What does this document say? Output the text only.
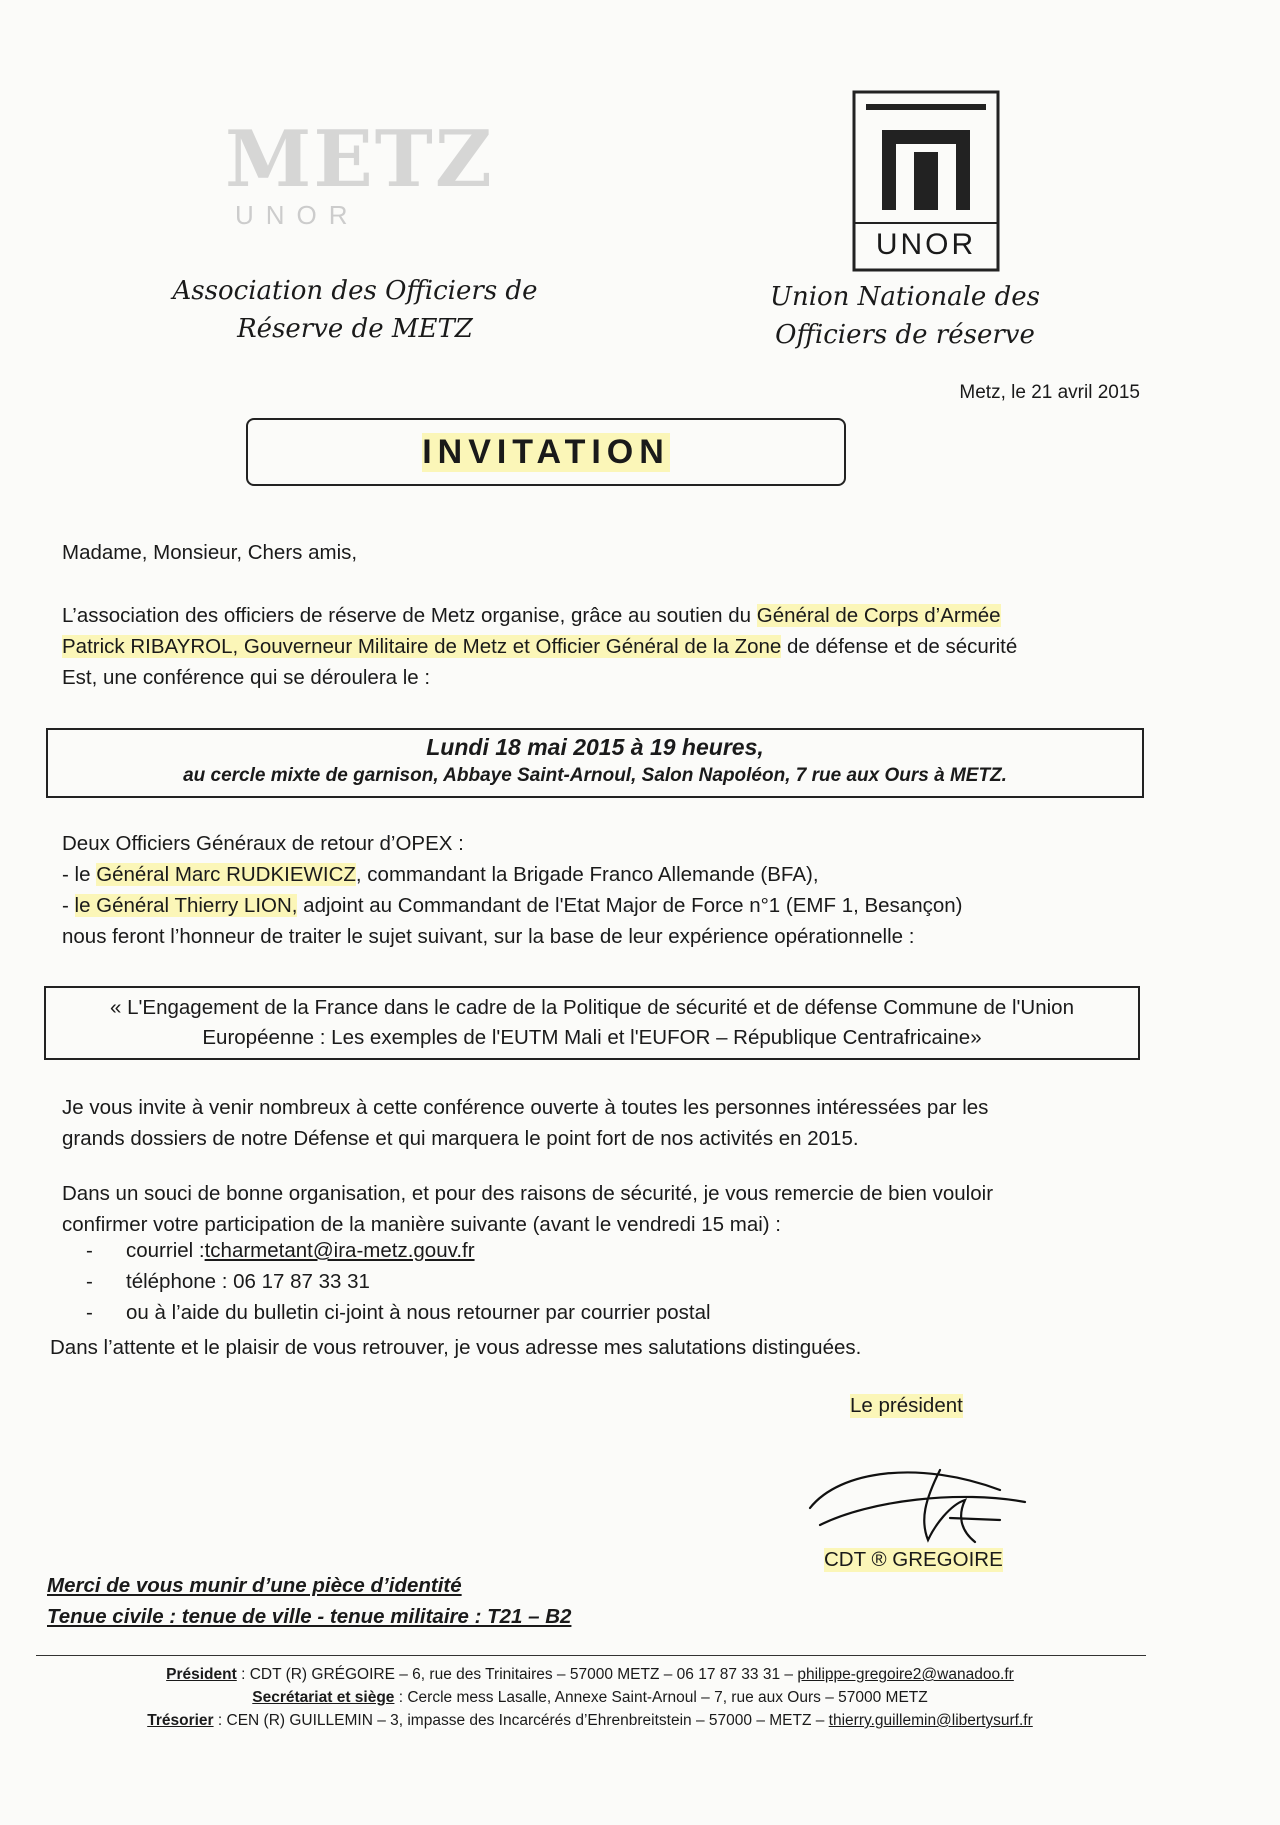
METZ
UNOR
Association des Officiers de
Réserve de METZ
UNOR
Union Nationale des
Officiers de réserve
Metz, le 21 avril 2015
INVITATION
Madame, Monsieur, Chers amis,
L’association des officiers de réserve de Metz organise, grâce au soutien du Général de Corps d’Armée
Patrick RIBAYROL, Gouverneur Militaire de Metz et Officier Général de la Zone de défense et de sécurité
Est, une conférence qui se déroulera le :
Lundi 18 mai 2015 à 19 heures,
au cercle mixte de garnison, Abbaye Saint-Arnoul, Salon Napoléon, 7 rue aux Ours à METZ.
Deux Officiers Généraux de retour d’OPEX :
- le Général Marc RUDKIEWICZ, commandant la Brigade Franco Allemande (BFA),
- le Général Thierry LION, adjoint au Commandant de l'Etat Major de Force n°1 (EMF 1, Besançon)
nous feront l’honneur de traiter le sujet suivant, sur la base de leur expérience opérationnelle :
« L'Engagement de la France dans le cadre de la Politique de sécurité et de défense Commune de l'Union
Européenne : Les exemples de l'EUTM Mali et l'EUFOR – République Centrafricaine»
Je vous invite à venir nombreux à cette conférence ouverte à toutes les personnes intéressées par les
grands dossiers de notre Défense et qui marquera le point fort de nos activités en 2015.
Dans un souci de bonne organisation, et pour des raisons de sécurité, je vous remercie de bien vouloir
confirmer votre participation de la manière suivante (avant le vendredi 15 mai) :
-	courriel : tcharmetant@ira-metz.gouv.fr
-	téléphone : 06 17 87 33 31
-	ou à l’aide du bulletin ci-joint à nous retourner par courrier postal
Dans l’attente et le plaisir de vous retrouver, je vous adresse mes salutations distinguées.
Le président
CDT ® GREGOIRE
Merci de vous munir d’une pièce d’identité
Tenue civile : tenue de ville - tenue militaire : T21 – B2
Président : CDT (R) GRÉGOIRE – 6, rue des Trinitaires – 57000 METZ – 06 17 87 33 31 – philippe-gregoire2@wanadoo.fr
Secrétariat et siège : Cercle mess Lasalle, Annexe Saint-Arnoul – 7, rue aux Ours – 57000 METZ
Trésorier : CEN (R) GUILLEMIN – 3, impasse des Incarcérés d’Ehrenbreitstein – 57000 – METZ – thierry.guillemin@libertysurf.fr
